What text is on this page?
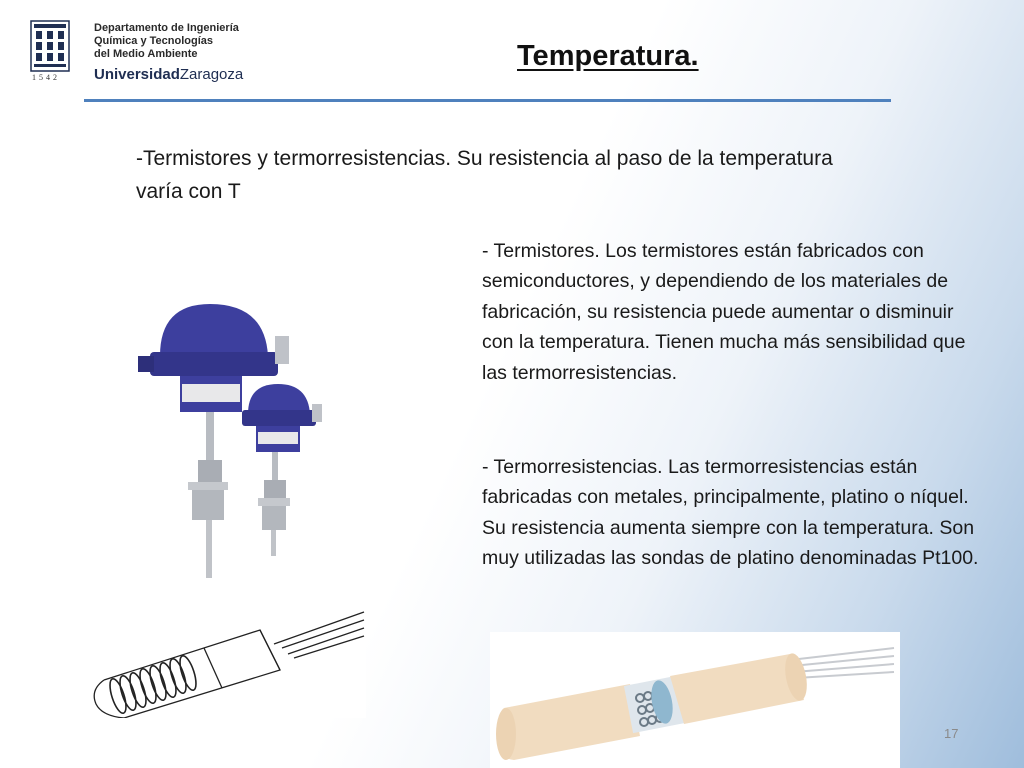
1542
Departamento de Ingeniería
Química y Tecnologías
del Medio Ambiente
UniversidadZaragoza
Temperatura.
-Termistores y termorresistencias. Su resistencia al paso de la temperatura varía con T
- Termistores. Los termistores están fabricados con semiconductores, y dependiendo de los materiales de fabricación, su resistencia puede aumentar o disminuir con la temperatura. Tienen mucha más sensibilidad que las termorresistencias.
- Termorresistencias. Las termorresistencias están fabricadas con metales, principalmente, platino o níquel. Su resistencia aumenta siempre con la temperatura. Son muy utilizadas las sondas de platino denominadas Pt100.
17
